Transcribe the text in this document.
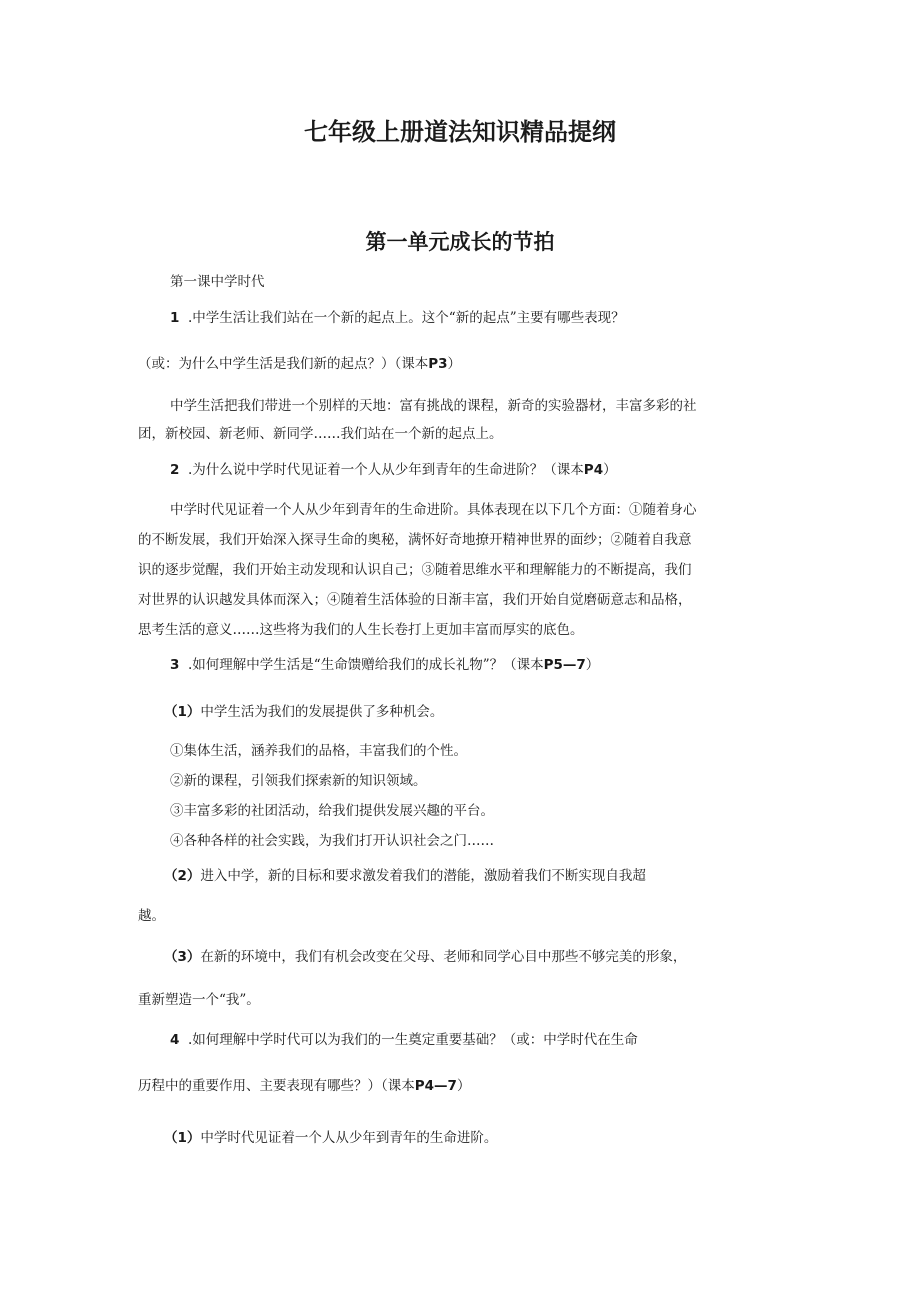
七年级上册道法知识精品提纲
第一单元成长的节拍
第一课中学时代
1 .中学生活让我们站在一个新的起点上。这个“新的起点”主要有哪些表现？
（或：为什么中学生活是我们新的起点？）（课本P3）
中学生活把我们带进一个别样的天地：富有挑战的课程，新奇的实验器材，丰富多彩的社
团，新校园、新老师、新同学……我们站在一个新的起点上。
2 .为什么说中学时代见证着一个人从少年到青年的生命进阶？（课本P4）
中学时代见证着一个人从少年到青年的生命进阶。具体表现在以下几个方面：①随着身心
的不断发展，我们开始深入探寻生命的奥秘，满怀好奇地撩开精神世界的面纱；②随着自我意
识的逐步觉醒，我们开始主动发现和认识自己；③随着思维水平和理解能力的不断提高，我们
对世界的认识越发具体而深入；④随着生活体验的日渐丰富，我们开始自觉磨砺意志和品格，
思考生活的意义……这些将为我们的人生长卷打上更加丰富而厚实的底色。
3 .如何理解中学生活是“生命馈赠给我们的成长礼物”？（课本P5—7）
（1）中学生活为我们的发展提供了多种机会。
①集体生活，涵养我们的品格，丰富我们的个性。
②新的课程，引领我们探索新的知识领域。
③丰富多彩的社团活动，给我们提供发展兴趣的平台。
④各种各样的社会实践，为我们打开认识社会之门……
（2）进入中学，新的目标和要求激发着我们的潜能，激励着我们不断实现自我超
越。
（3）在新的环境中，我们有机会改变在父母、老师和同学心目中那些不够完美的形象，
重新塑造一个“我”。
4 .如何理解中学时代可以为我们的一生奠定重要基础？（或：中学时代在生命
历程中的重要作用、主要表现有哪些？）（课本P4—7）
（1）中学时代见证着一个人从少年到青年的生命进阶。
